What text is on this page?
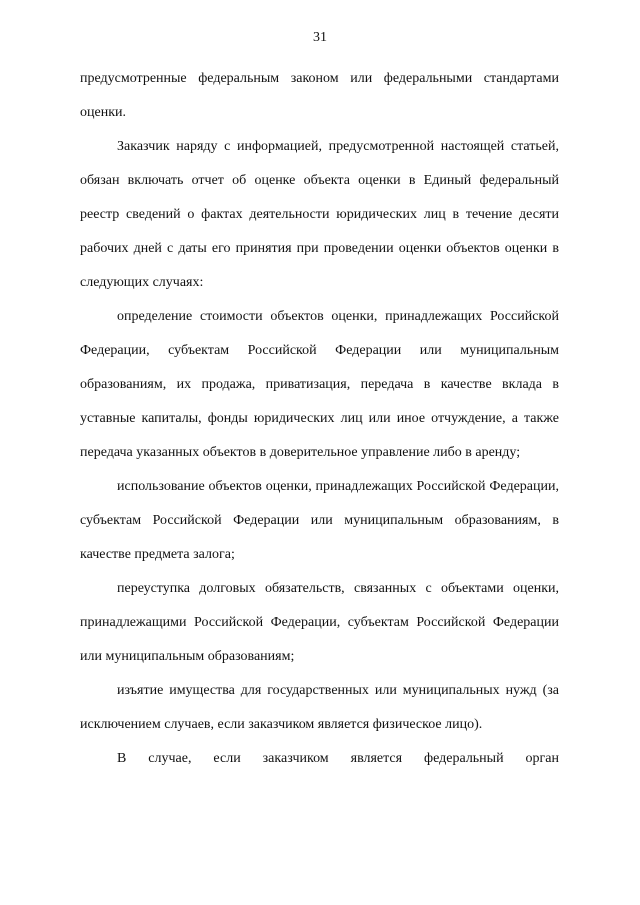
31

предусмотренные федеральным законом или федеральными стандартами оценки.

Заказчик наряду с информацией, предусмотренной настоящей статьей, обязан включать отчет об оценке объекта оценки в Единый федеральный реестр сведений о фактах деятельности юридических лиц в течение десяти рабочих дней с даты его принятия при проведении оценки объектов оценки в следующих случаях:

определение стоимости объектов оценки, принадлежащих Российской Федерации, субъектам Российской Федерации или муниципальным образованиям, их продажа, приватизация, передача в качестве вклада в уставные капиталы, фонды юридических лиц или иное отчуждение, а также передача указанных объектов в доверительное управление либо в аренду;

использование объектов оценки, принадлежащих Российской Федерации, субъектам Российской Федерации или муниципальным образованиям, в качестве предмета залога;

переуступка долговых обязательств, связанных с объектами оценки, принадлежащими Российской Федерации, субъектам Российской Федерации или муниципальным образованиям;

изъятие имущества для государственных или муниципальных нужд (за исключением случаев, если заказчиком является физическое лицо).

В случае, если заказчиком является федеральный орган
